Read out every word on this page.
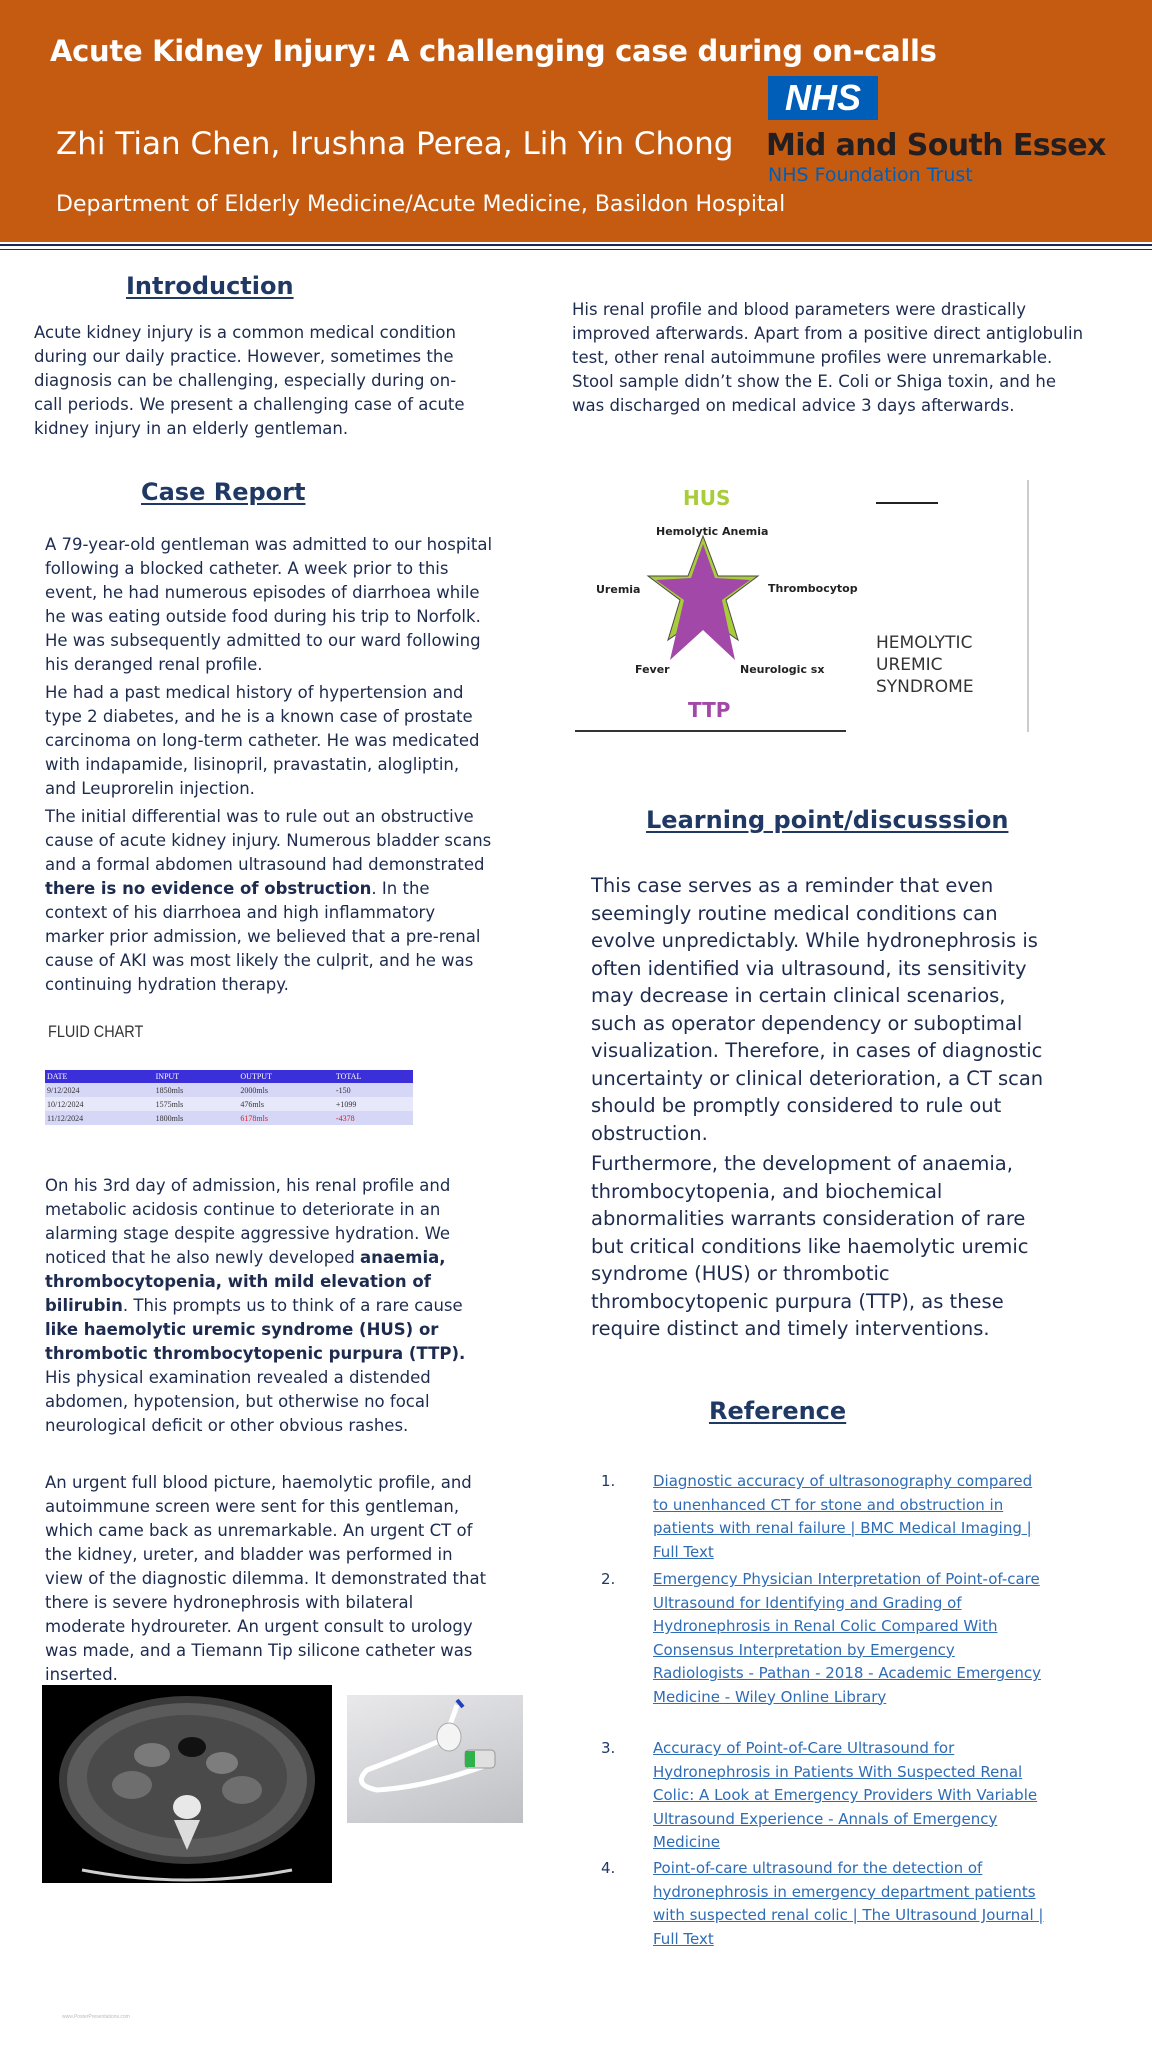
Acute Kidney Injury: A challenging case during on-calls
Zhi Tian Chen, Irushna Perea, Lih Yin Chong
Department of Elderly Medicine/Acute Medicine, Basildon Hospital
NHS
Mid and South Essex
NHS Foundation Trust
Introduction

Acute kidney injury is a common medical condition during our daily practice. However, sometimes the diagnosis can be challenging, especially during on-call periods. We present a challenging case of acute kidney injury in an elderly gentleman.

Case Report

A 79-year-old gentleman was admitted to our hospital following a blocked catheter. A week prior to this event, he had numerous episodes of diarrhoea while he was eating outside food during his trip to Norfolk. He was subsequently admitted to our ward following his deranged renal profile.

He had a past medical history of hypertension and type 2 diabetes, and he is a known case of prostate carcinoma on long-term catheter. He was medicated with indapamide, lisinopril, pravastatin, alogliptin, and Leuprorelin injection.

The initial differential was to rule out an obstructive cause of acute kidney injury. Numerous bladder scans and a formal abdomen ultrasound had demonstrated there is no evidence of obstruction. In the context of his diarrhoea and high inflammatory marker prior admission, we believed that a pre-renal cause of AKI was most likely the culprit, and he was continuing hydration therapy.

FLUID CHART
DATE	INPUT	OUTPUT	TOTAL
9/12/2024	1850mls	2000mls	-150
10/12/2024	1575mls	476mls	+1099
11/12/2024	1800mls	6178mls	-4378

On his 3rd day of admission, his renal profile and metabolic acidosis continue to deteriorate in an alarming stage despite aggressive hydration. We noticed that he also newly developed anaemia, thrombocytopenia, with mild elevation of bilirubin. This prompts us to think of a rare cause like haemolytic uremic syndrome (HUS) or thrombotic thrombocytopenic purpura (TTP). His physical examination revealed a distended abdomen, hypotension, but otherwise no focal neurological deficit or other obvious rashes.

An urgent full blood picture, haemolytic profile, and autoimmune screen were sent for this gentleman, which came back as unremarkable. An urgent CT of the kidney, ureter, and bladder was performed in view of the diagnostic dilemma. It demonstrated that there is severe hydronephrosis with bilateral moderate hydroureter. An urgent consult to urology was made, and a Tiemann Tip silicone catheter was inserted.

His renal profile and blood parameters were drastically improved afterwards. Apart from a positive direct antiglobulin test, other renal autoimmune profiles were unremarkable. Stool sample didn’t show the E. Coli or Shiga toxin, and he was discharged on medical advice 3 days afterwards.

HUS
Hemolytic Anemia
Uremia	Thrombocytop
Fever	Neurologic sx
TTP
HEMOLYTIC
UREMIC
SYNDROME
Learning point/discusssion

This case serves as a reminder that even seemingly routine medical conditions can evolve unpredictably. While hydronephrosis is often identified via ultrasound, its sensitivity may decrease in certain clinical scenarios, such as operator dependency or suboptimal visualization. Therefore, in cases of diagnostic uncertainty or clinical deterioration, a CT scan should be promptly considered to rule out obstruction.

Furthermore, the development of anaemia, thrombocytopenia, and biochemical abnormalities warrants consideration of rare but critical conditions like haemolytic uremic syndrome (HUS) or thrombotic thrombocytopenic purpura (TTP), as these require distinct and timely interventions.

Reference
1.	Diagnostic accuracy of ultrasonography compared to unenhanced CT for stone and obstruction in patients with renal failure | BMC Medical Imaging | Full Text
2.	Emergency Physician Interpretation of Point-of-care Ultrasound for Identifying and Grading of Hydronephrosis in Renal Colic Compared With Consensus Interpretation by Emergency Radiologists - Pathan - 2018 - Academic Emergency Medicine - Wiley Online Library
3.	Accuracy of Point-of-Care Ultrasound for Hydronephrosis in Patients With Suspected Renal Colic: A Look at Emergency Providers With Variable Ultrasound Experience - Annals of Emergency Medicine
4.	Point-of-care ultrasound for the detection of hydronephrosis in emergency department patients with suspected renal colic | The Ultrasound Journal | Full Text
www.PosterPresentations.com
